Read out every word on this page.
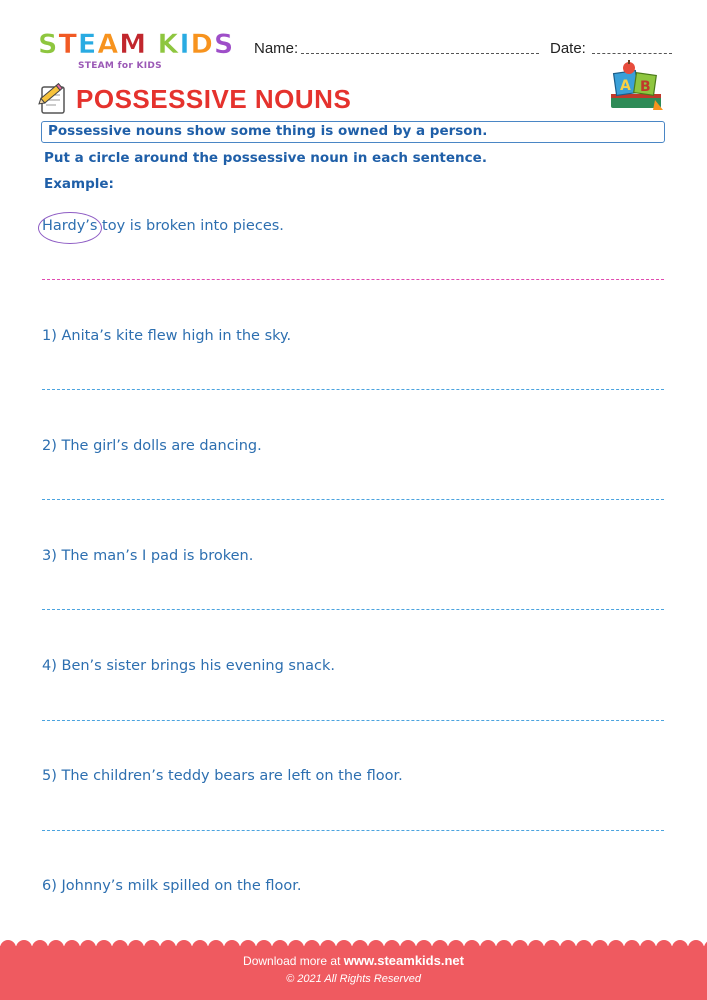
STEAM KIDS
STEAM for KIDS
Name:	Date:
POSSESSIVE NOUNS	A B
Possessive nouns show some thing is owned by a person.
Put a circle around the possessive noun in each sentence.
Example:
Hardy’s toy is broken into pieces.
1) Anita’s kite flew high in the sky.
2) The girl’s dolls are dancing.
3) The man’s I pad is broken.
4) Ben’s sister brings his evening snack.
5) The children’s teddy bears are left on the floor.
6) Johnny’s milk spilled on the floor.
Download more at www.steamkids.net
© 2021 All Rights Reserved
